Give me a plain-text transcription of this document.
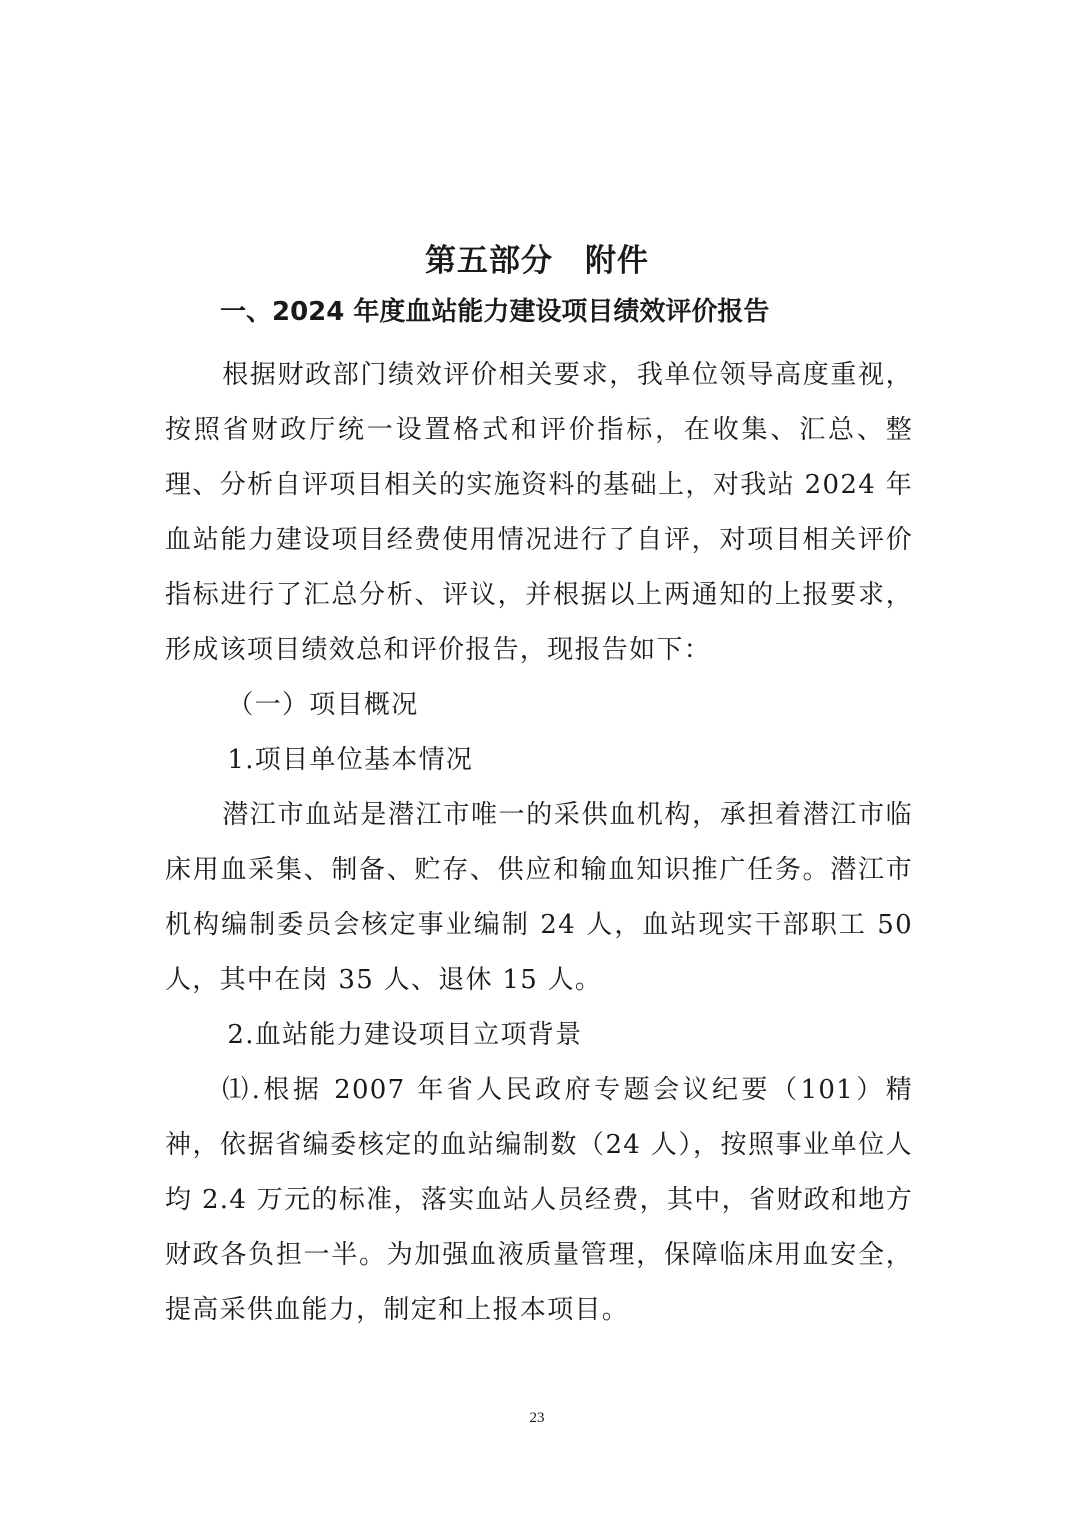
第五部分　附件
一、2024 年度血站能力建设项目绩效评价报告

根据财政部门绩效评价相关要求，我单位领导高度重视，按照省财政厅统一设置格式和评价指标，在收集、汇总、整理、分析自评项目相关的实施资料的基础上，对我站 2024 年血站能力建设项目经费使用情况进行了自评，对项目相关评价指标进行了汇总分析、评议，并根据以上两通知的上报要求，形成该项目绩效总和评价报告，现报告如下：

（一）项目概况

1.项目单位基本情况

潜江市血站是潜江市唯一的采供血机构，承担着潜江市临床用血采集、制备、贮存、供应和输血知识推广任务。潜江市机构编制委员会核定事业编制 24 人，血站现实干部职工 50 人，其中在岗 35 人、退休 15 人。

2.血站能力建设项目立项背景

⑴.根据 2007 年省人民政府专题会议纪要（101）精神，依据省编委核定的血站编制数（24 人），按照事业单位人均 2.4 万元的标准，落实血站人员经费，其中，省财政和地方财政各负担一半。为加强血液质量管理，保障临床用血安全，提高采供血能力，制定和上报本项目。

23
